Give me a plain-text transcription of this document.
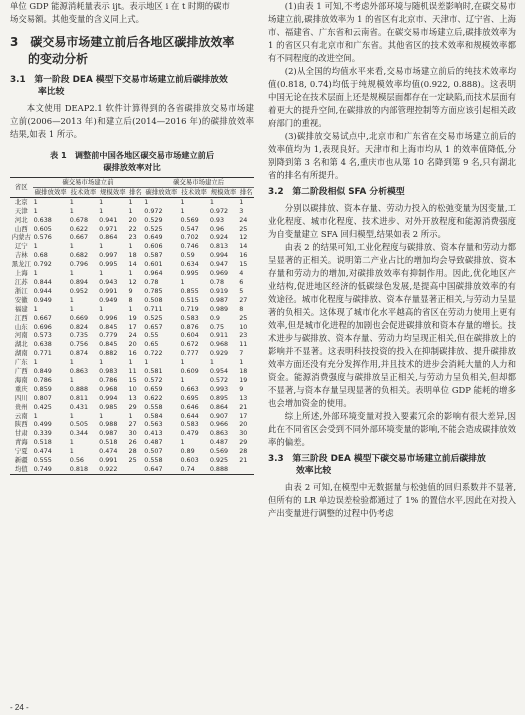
单位 GDP 能源消耗量表示 ijt。表示地区 i 在 t 时期的碳市

场交易额。其他变量的含义同上式。

3　碳交易市场建立前后各地区碳排放效率
的变动分析
3.1　第一阶段 DEA 模型下交易市场建立前后碳排放效
率比较

本文使用 DEAP2.1 软件计算得到的各省碳排放交易市场建立前(2006—2013 年)和建立后(2014—2016 年)的碳排放效率结果,如表 1 所示。

表 1　调整前中国各地区碳交易市场建立前后
碳排放效率对比
省区	碳交易市场建立前				碳交易市场建立后			
	碳排放效率	技术效率	规模效率	排名	碳排放效率	技术效率	规模效率	排名
北京	1	1	1	1	1	1	1	1
天津	1	1	1	1	0.972	1	0.972	3
河北	0.638	0.678	0.941	20	0.529	0.569	0.93	24
山西	0.605	0.622	0.971	22	0.525	0.547	0.96	25
内蒙古	0.576	0.667	0.864	23	0.649	0.702	0.924	12
辽宁	1	1	1	1	0.606	0.746	0.813	14
吉林	0.68	0.682	0.997	18	0.587	0.59	0.994	16
黑龙江	0.792	0.796	0.995	14	0.601	0.634	0.947	15
上海	1	1	1	1	0.964	0.995	0.969	4
江苏	0.844	0.894	0.943	12	0.78	1	0.78	6
浙江	0.944	0.952	0.991	9	0.785	0.855	0.919	5
安徽	0.949	1	0.949	8	0.508	0.515	0.987	27
福建	1	1	1	1	0.711	0.719	0.989	8
江西	0.667	0.669	0.996	19	0.525	0.583	0.9	25
山东	0.696	0.824	0.845	17	0.657	0.876	0.75	10
河南	0.573	0.735	0.779	24	0.55	0.604	0.911	23
湖北	0.638	0.756	0.845	20	0.65	0.672	0.968	11
湖南	0.771	0.874	0.882	16	0.722	0.777	0.929	7
广东	1	1	1	1	1	1	1	1
广西	0.849	0.863	0.983	11	0.581	0.609	0.954	18
海南	0.786	1	0.786	15	0.572	1	0.572	19
重庆	0.859	0.888	0.968	10	0.659	0.663	0.993	9
四川	0.807	0.811	0.994	13	0.622	0.695	0.895	13
贵州	0.425	0.431	0.985	29	0.558	0.646	0.864	21
云南	1	1	1	1	0.584	0.644	0.907	17
陕西	0.499	0.505	0.988	27	0.563	0.583	0.966	20
甘肃	0.339	0.344	0.987	30	0.413	0.479	0.863	30
青海	0.518	1	0.518	26	0.487	1	0.487	29
宁夏	0.474	1	0.474	28	0.507	0.89	0.569	28
新疆	0.555	0.56	0.991	25	0.558	0.603	0.925	21
均值	0.749	0.818	0.922		0.647	0.74	0.888	

(1)由表 1 可知,不考虑外部环境与随机误差影响时,在碳交易市场建立前,碳排放效率为 1 的省区有北京市、天津市、辽宁省、上海市、福建省、广东省和云南省。在碳交易市场建立后,碳排放效率为 1 的省区只有北京市和广东省。其他省区的技术效率和规模效率都有不同程度的改进空间。

(2)从全国的均值水平来看,交易市场建立前后的纯技术效率均值(0.818, 0.74)均低于纯规模效率均值(0.922, 0.888)。这表明中国无论在技术层面上还是规模层面都存在一定缺陷,而技术层面有着更大的提升空间,在碳排放的内部管理控制等方面应该引起相关政府部门的重视。

(3)碳排放交易试点中,北京市和广东省在交易市场建立前后的效率值均为 1,表现良好。天津市和上海市均从 1 的效率值降低,分别降到第 3 名和第 4 名,重庆市也从第 10 名降到第 9 名,只有湖北省的排名有所提升。

3.2　第二阶段相似 SFA 分析模型

分别以碳排放、资本存量、劳动力投入的松弛变量为因变量,工业化程度、城市化程度、技术进步、对外开放程度和能源消费强度为自变量建立 SFA 回归模型,结果如表 2 所示。

由表 2 的结果可知,工业化程度与碳排放、资本存量和劳动力都呈显著的正相关。说明第二产业占比的增加均会导致碳排放、资本存量和劳动力的增加,对碳排放效率有抑制作用。因此,优化地区产业结构,促进地区经济的低碳绿色发展,是提高中国碳排放效率的有效途径。城市化程度与碳排放、资本存量显著正相关,与劳动力呈显著的负相关。这体现了城市化水平越高的省区在劳动力使用上更有效率,但是城市化进程的加剧也会促进碳排放和资本存量的增长。技术进步与碳排放、资本存量、劳动力均呈现正相关,但在碳排放上的影响并不显著。这表明科技投资的投入在抑制碳排放、提升碳排放效率方面还没有充分发挥作用,并且技术的进步会消耗大量的人力和资金。能源消费强度与碳排放呈正相关,与劳动力呈负相关,但却都不显著,与资本存量呈现显著的负相关。表明单位 GDP 能耗的增多也会增加资金的使用。

综上所述,外部环境变量对投入要素冗余的影响有很大差异,因此在不同省区会受到不同外部环境变量的影响,不能会造成碳排放效率的偏差。

3.3　第三阶段 DEA 模型下碳交易市场建立前后碳排放
效率比较

由表 2 可知,在模型中无数据量与松弛值的回归系数并不显著,但所有的 LR 单边误差检验都通过了 1% 的置信水平,因此在对投入产出变量进行调整的过程中仍考虑

- 24 -
